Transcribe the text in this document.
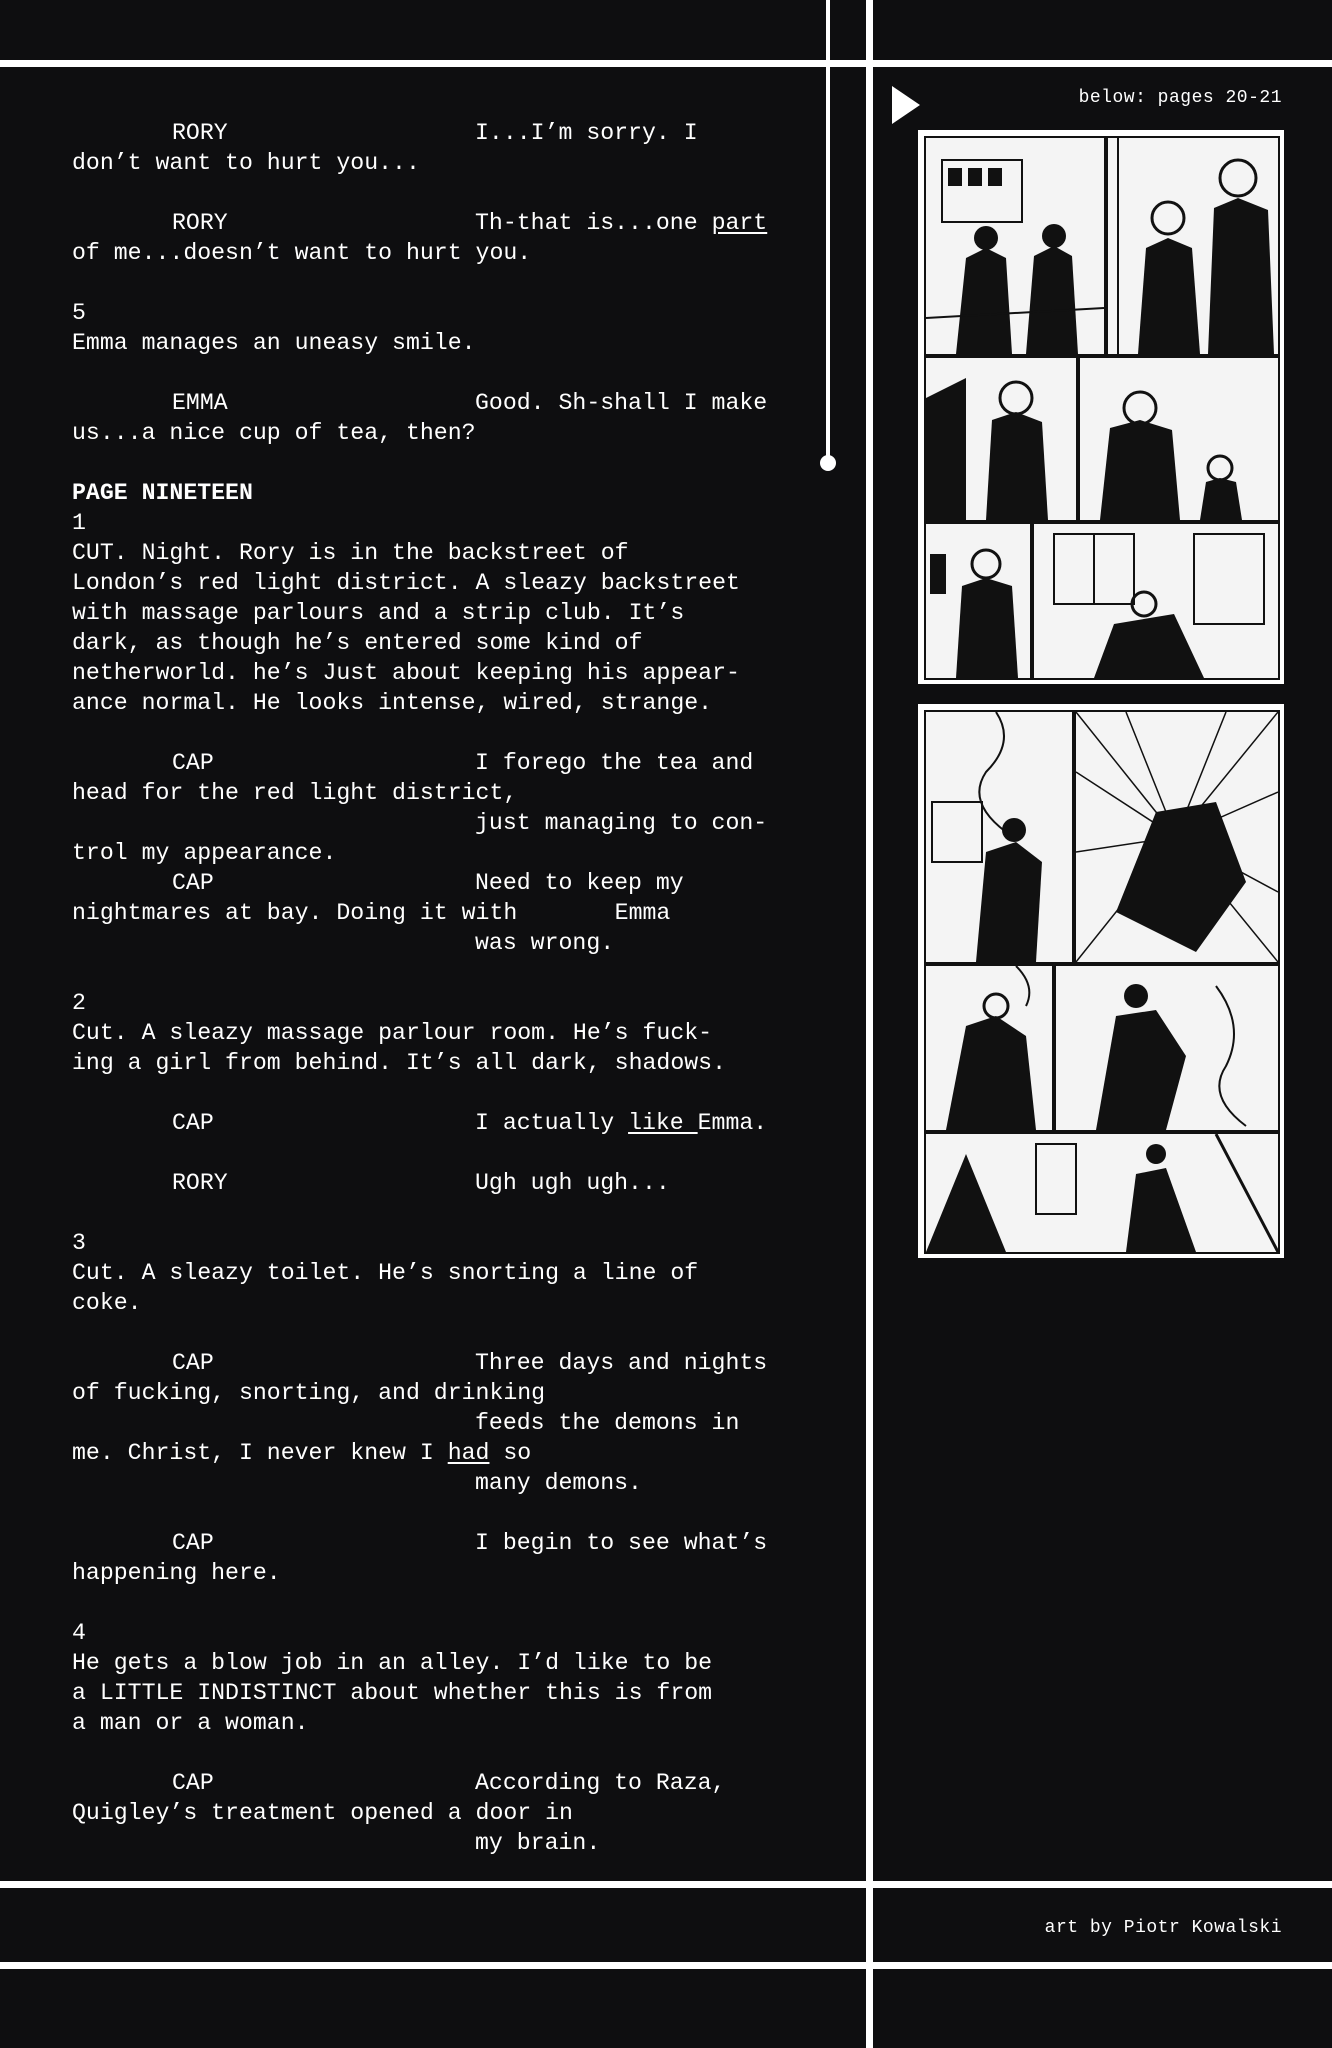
RORY	I...I’m sorry. I
don’t want to hurt you...
RORY	Th-that is...one part
of me...doesn’t want to hurt you.
5
Emma manages an uneasy smile.
EMMA	Good. Sh-shall I make
us...a nice cup of tea, then?
PAGE NINETEEN
1
CUT. Night. Rory is in the backstreet of
London’s red light district. A sleazy backstreet
with massage parlours and a strip club. It’s
dark, as though he’s entered some kind of
netherworld. he’s Just about keeping his appear-
ance normal. He looks intense, wired, strange.
CAP	I forego the tea and
head for the red light district,
just managing to con-
trol my appearance.
CAP	Need to keep my
nightmares at bay. Doing it with       Emma
was wrong.
2
Cut. A sleazy massage parlour room. He’s fuck-
ing a girl from behind. It’s all dark, shadows.
CAP	I actually like Emma.
RORY	Ugh ugh ugh...
3
Cut. A sleazy toilet. He’s snorting a line of
coke.
CAP	Three days and nights
of fucking, snorting, and drinking
feeds the demons in
me. Christ, I never knew I had so
many demons.
CAP	I begin to see what’s
happening here.
4
He gets a blow job in an alley. I’d like to be
a LITTLE INDISTINCT about whether this is from
a man or a woman.
CAP	According to Raza,
Quigley’s treatment opened a door in
my brain.
below: pages 20-21
art by Piotr Kowalski
